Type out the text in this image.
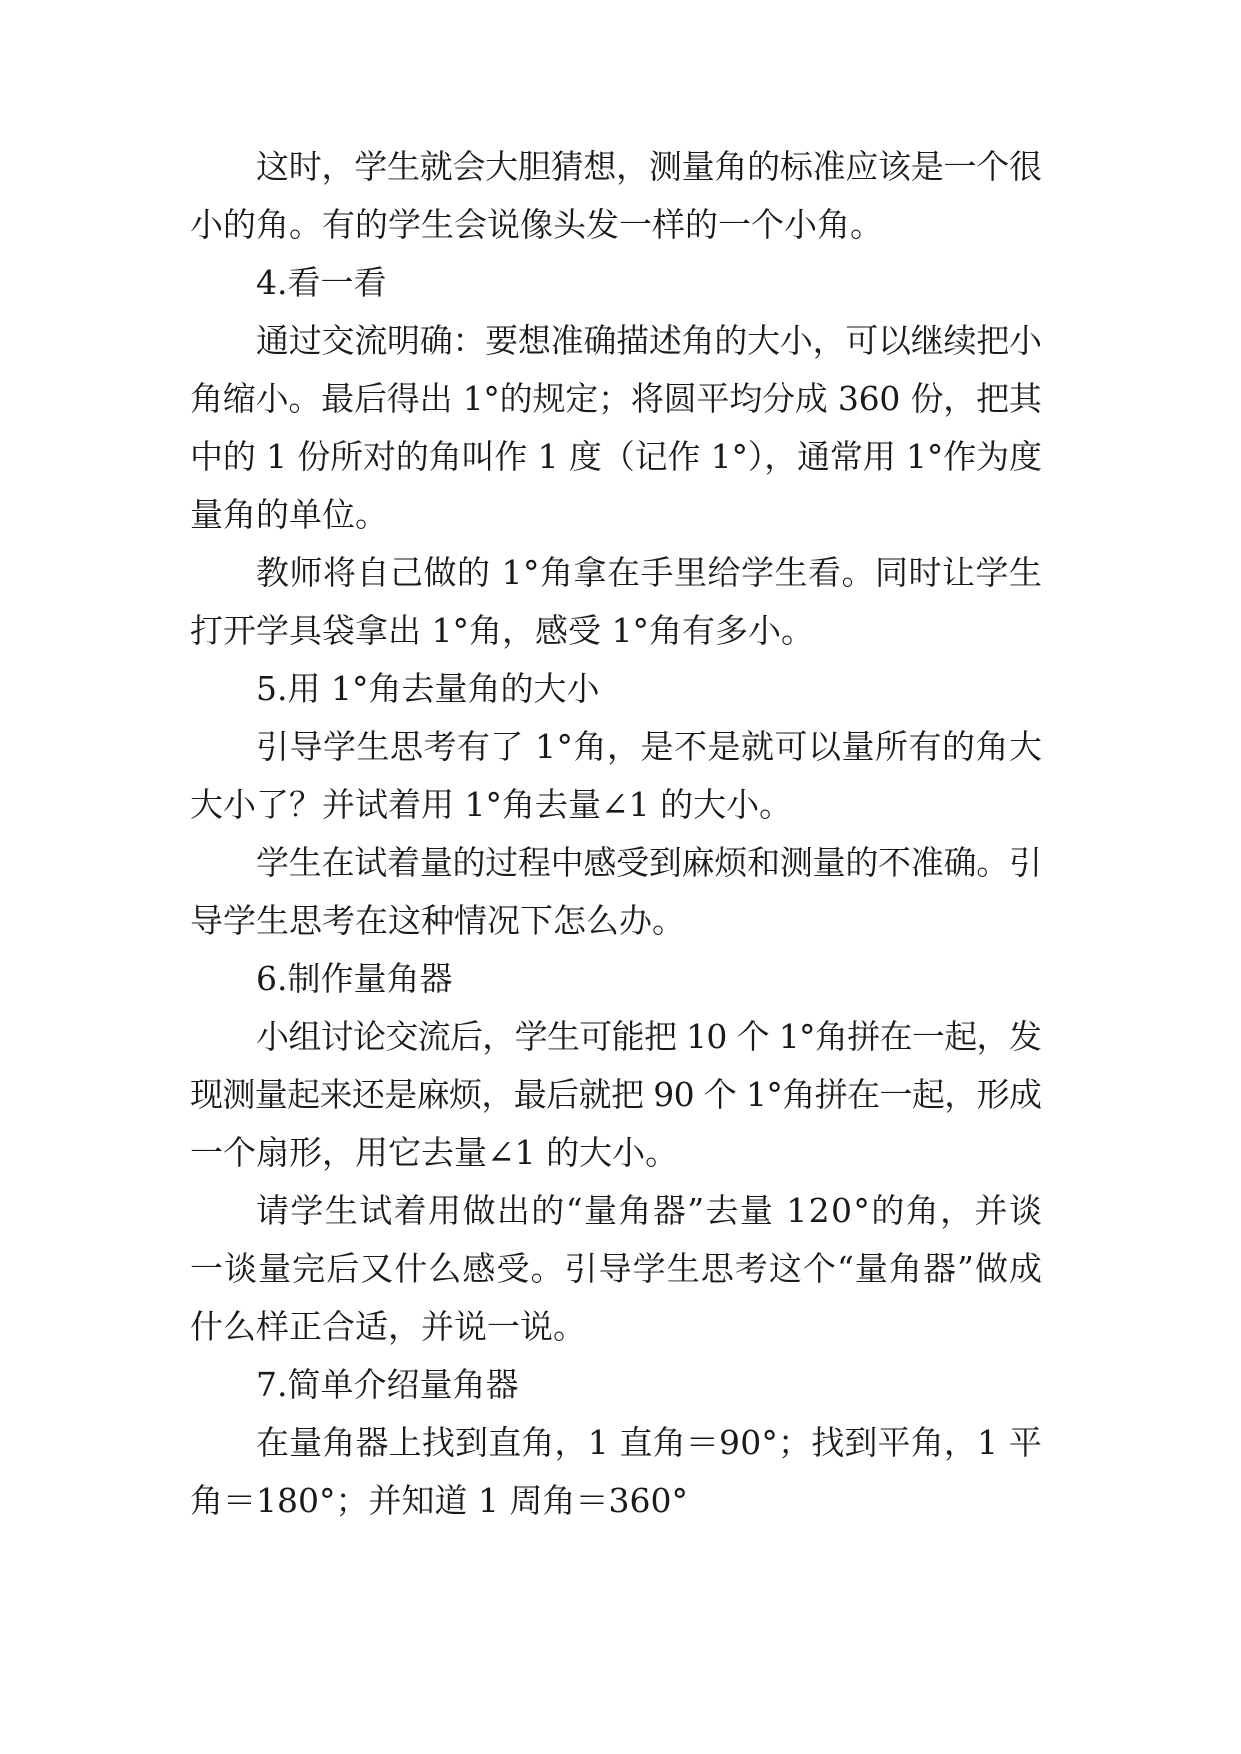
这时，学生就会大胆猜想，测量角的标准应该是一个很

小的角。有的学生会说像头发一样的一个小角。

4.看一看

通过交流明确：要想准确描述角的大小，可以继续把小

角缩小。最后得出 1°的规定；将圆平均分成 360 份，把其

中的 1 份所对的角叫作 1 度（记作 1°），通常用 1°作为度

量角的单位。

教师将自己做的 1°角拿在手里给学生看。同时让学生

打开学具袋拿出 1°角，感受 1°角有多小。

5.用 1°角去量角的大小

引导学生思考有了 1°角，是不是就可以量所有的角大

大小了？并试着用 1°角去量∠1 的大小。

学生在试着量的过程中感受到麻烦和测量的不准确。引

导学生思考在这种情况下怎么办。

6.制作量角器

小组讨论交流后，学生可能把 10 个 1°角拼在一起，发

现测量起来还是麻烦，最后就把 90 个 1°角拼在一起，形成

一个扇形，用它去量∠1 的大小。

请学生试着用做出的“量角器”去量 120°的角，并谈

一谈量完后又什么感受。引导学生思考这个“量角器”做成

什么样正合适，并说一说。

7.简单介绍量角器

在量角器上找到直角，1 直角＝90°；找到平角，1 平

角＝180°；并知道 1 周角＝360°
